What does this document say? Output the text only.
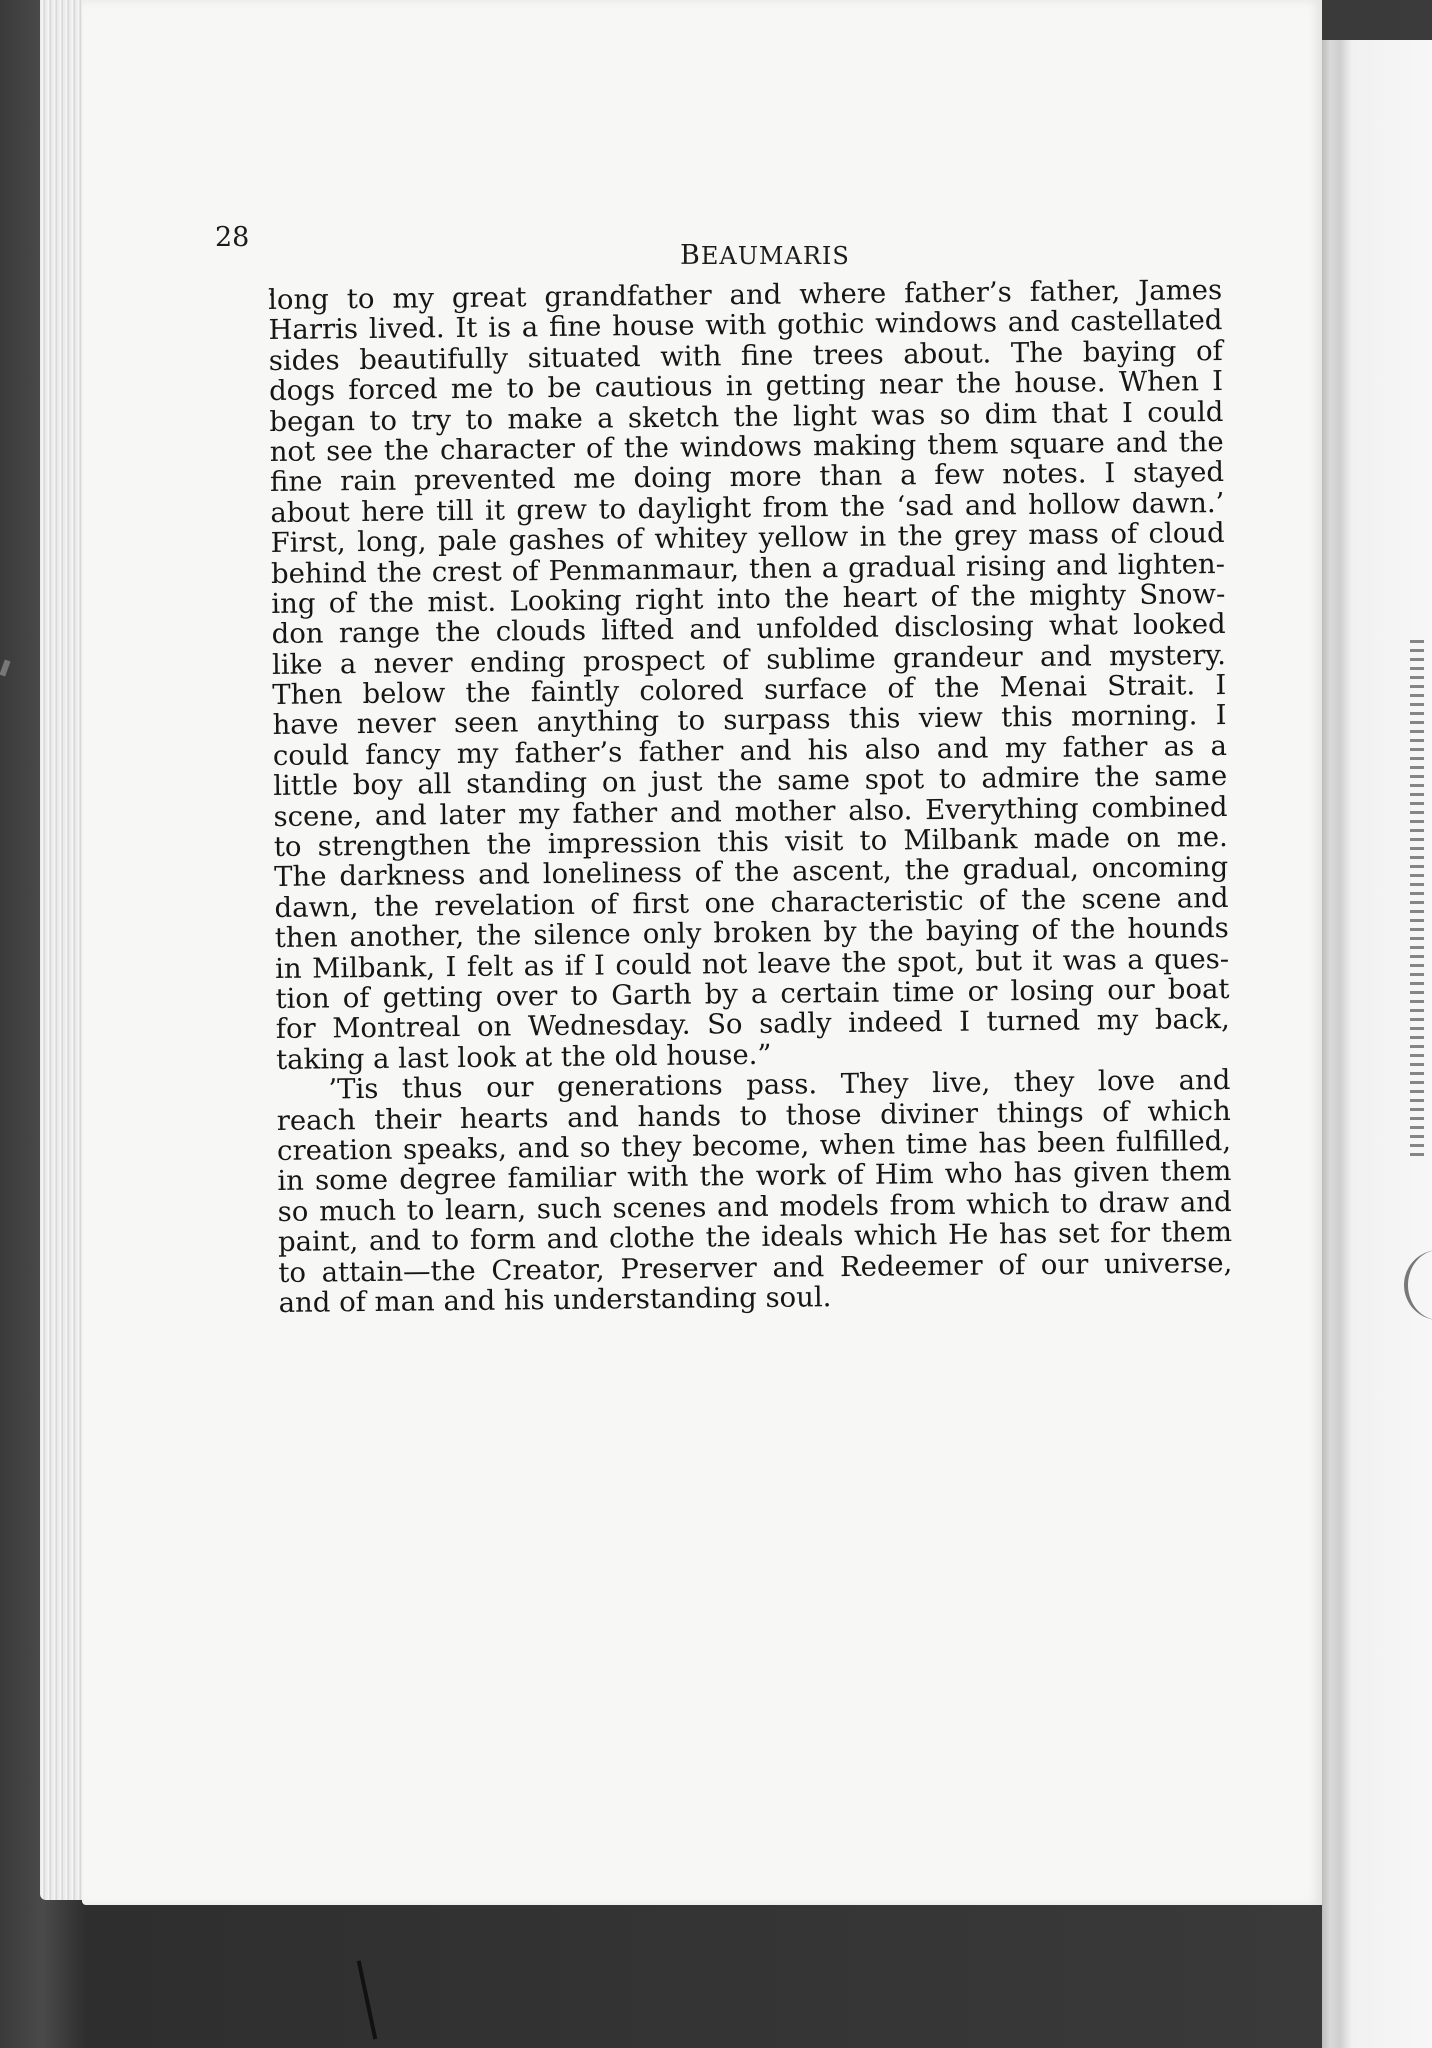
28
BEAUMARIS
long to my great grandfather and where father’s father, James
Harris lived. It is a fine house with gothic windows and castellated
sides beautifully situated with fine trees about. The baying of
dogs forced me to be cautious in getting near the house. When I
began to try to make a sketch the light was so dim that I could
not see the character of the windows making them square and the
fine rain prevented me doing more than a few notes. I stayed
about here till it grew to daylight from the ‘sad and hollow dawn.’
First, long, pale gashes of whitey yellow in the grey mass of cloud
behind the crest of Penmanmaur, then a gradual rising and lighten-
ing of the mist. Looking right into the heart of the mighty Snow-
don range the clouds lifted and unfolded disclosing what looked
like a never ending prospect of sublime grandeur and mystery.
Then below the faintly colored surface of the Menai Strait. I
have never seen anything to surpass this view this morning. I
could fancy my father’s father and his also and my father as a
little boy all standing on just the same spot to admire the same
scene, and later my father and mother also. Everything combined
to strengthen the impression this visit to Milbank made on me.
The darkness and loneliness of the ascent, the gradual, oncoming
dawn, the revelation of first one characteristic of the scene and
then another, the silence only broken by the baying of the hounds
in Milbank, I felt as if I could not leave the spot, but it was a ques-
tion of getting over to Garth by a certain time or losing our boat
for Montreal on Wednesday. So sadly indeed I turned my back,
taking a last look at the old house.”
’Tis thus our generations pass. They live, they love and
reach their hearts and hands to those diviner things of which
creation speaks, and so they become, when time has been fulfilled,
in some degree familiar with the work of Him who has given them
so much to learn, such scenes and models from which to draw and
paint, and to form and clothe the ideals which He has set for them
to attain—the Creator, Preserver and Redeemer of our universe,
and of man and his understanding soul.
